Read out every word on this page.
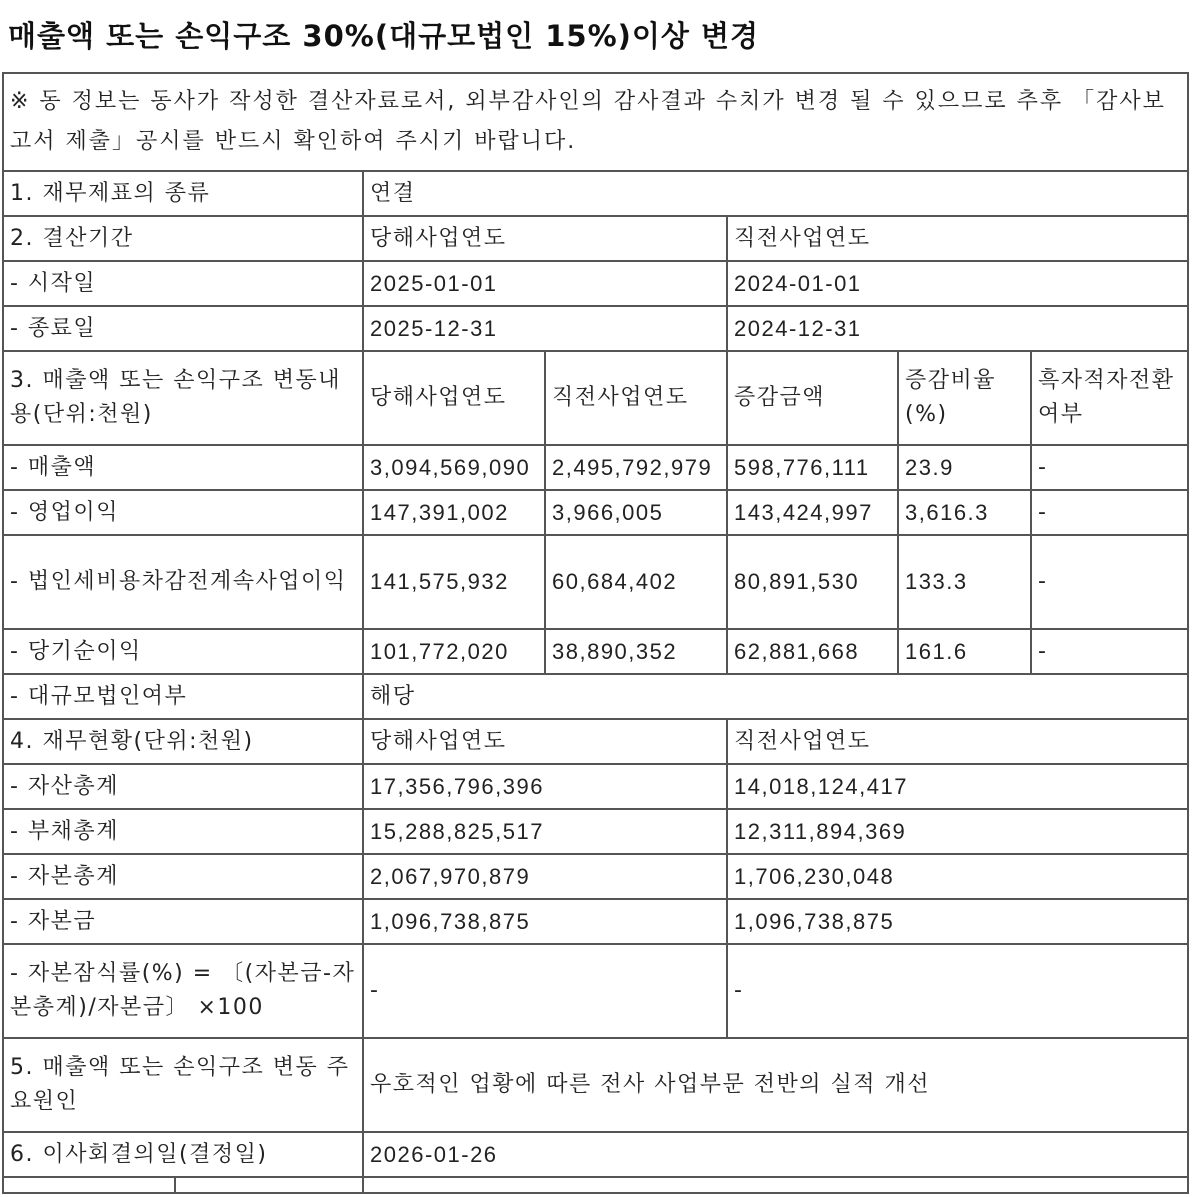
매출액 또는 손익구조 30%(대규모법인 15%)이상 변경
※ 동 정보는 동사가 작성한 결산자료로서, 외부감사인의 감사결과 수치가 변경 될 수 있으므로 추후 「감사보고서 제출」공시를 반드시 확인하여 주시기 바랍니다.					
1. 재무제표의 종류	연결				
2. 결산기간	당해사업연도		직전사업연도		
- 시작일	2025-01-01		2024-01-01		
- 종료일	2025-12-31		2024-12-31		
3. 매출액 또는 손익구조 변동내용(단위:천원)	당해사업연도	직전사업연도	증감금액	증감비율(%)	흑자적자전환여부
- 매출액	3,094,569,090	2,495,792,979	598,776,111	23.9	-
- 영업이익	147,391,002	3,966,005	143,424,997	3,616.3	-
- 법인세비용차감전계속사업이익	141,575,932	60,684,402	80,891,530	133.3	-
- 당기순이익	101,772,020	38,890,352	62,881,668	161.6	-
- 대규모법인여부	해당				
4. 재무현황(단위:천원)	당해사업연도		직전사업연도		
- 자산총계	17,356,796,396		14,018,124,417		
- 부채총계	15,288,825,517		12,311,894,369		
- 자본총계	2,067,970,879		1,706,230,048		
- 자본금	1,096,738,875		1,096,738,875		
- 자본잠식률(%) = 〔(자본금-자본총계)/자본금〕 ×100	-		-		
5. 매출액 또는 손익구조 변동 주요원인	우호적인 업황에 따른 전사 사업부문 전반의 실적 개선				
6. 이사회결의일(결정일)	2026-01-26				
